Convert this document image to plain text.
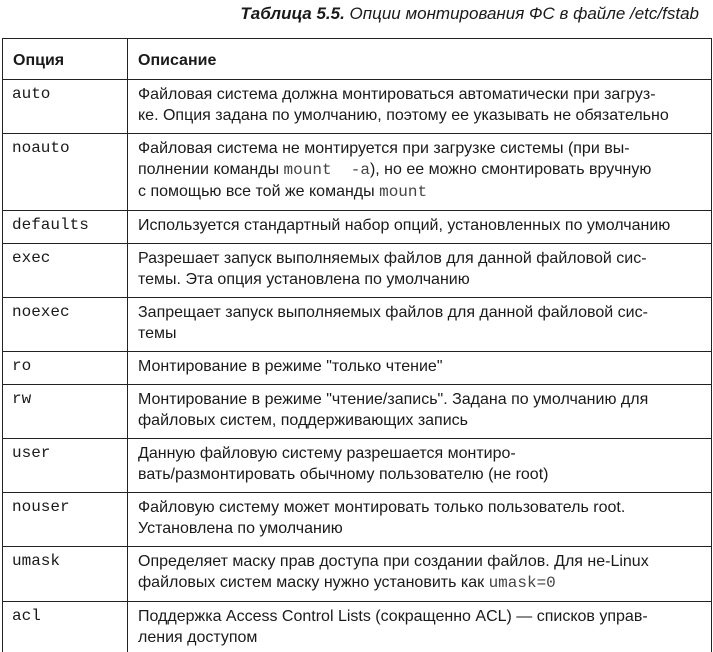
Таблица 5.5. Опции монтирования ФС в файле /etc/fstab
Опция	Описание
auto	Файловая система должна монтироваться автоматически при загруз-
ке. Опция задана по умолчанию, поэтому ее указывать не обязательно

noauto	Файловая система не монтируется при загрузке системы (при вы-
полнении команды mount  -a), но ее можно смонтировать вручную
с помощью все той же команды mount

defaults	Используется стандартный набор опций, установленных по умолчанию

exec	Разрешает запуск выполняемых файлов для данной файловой сис-
темы. Эта опция установлена по умолчанию

noexec	Запрещает запуск выполняемых файлов для данной файловой сис-
темы

ro	Монтирование в режиме "только чтение"

rw	Монтирование в режиме "чтение/запись". Задана по умолчанию для
файловых систем, поддерживающих запись

user	Данную файловую систему разрешается монтиро-
вать/размонтировать обычному пользователю (не root)

nouser	Файловую систему может монтировать только пользователь root.
Установлена по умолчанию

umask	Определяет маску прав доступа при создании файлов. Для не-Linux
файловых систем маску нужно установить как umask=0

acl	Поддержка Access Control Lists (сокращенно ACL) — списков управ-
ления доступом
